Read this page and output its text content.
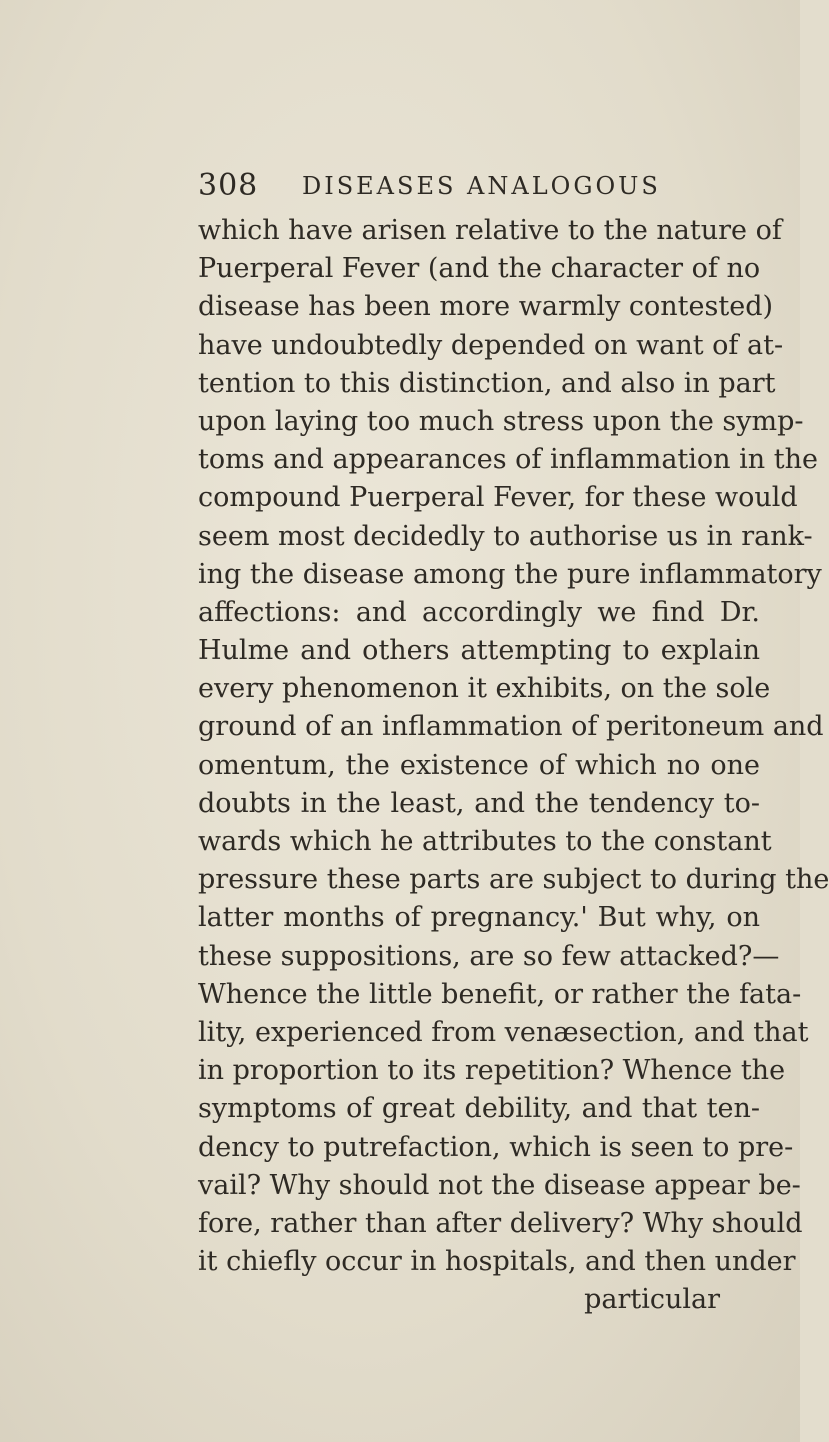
308 DISEASES ANALOGOUS
which have arisen relative to the nature of
Puerperal Fever (and the character of no
disease has been more warmly contested)
have undoubtedly depended on want of at-
tention to this distinction, and also in part
upon laying too much stress upon the symp-
toms and appearances of inflammation in the
compound Puerperal Fever, for these would
seem most decidedly to authorise us in rank-
ing the disease among the pure inflammatory
affections: and accordingly we find Dr.
Hulme and others attempting to explain
every phenomenon it exhibits, on the sole
ground of an inflammation of peritoneum and
omentum, the existence of which no one
doubts in the least, and the tendency to-
wards which he attributes to the constant
pressure these parts are subject to during the
latter months of pregnancy.' But why, on
these suppositions, are so few attacked?—
Whence the little benefit, or rather the fata-
lity, experienced from venæsection, and that
in proportion to its repetition? Whence the
symptoms of great debility, and that ten-
dency to putrefaction, which is seen to pre-
vail? Why should not the disease appear be-
fore, rather than after delivery? Why should
it chiefly occur in hospitals, and then under
particular
